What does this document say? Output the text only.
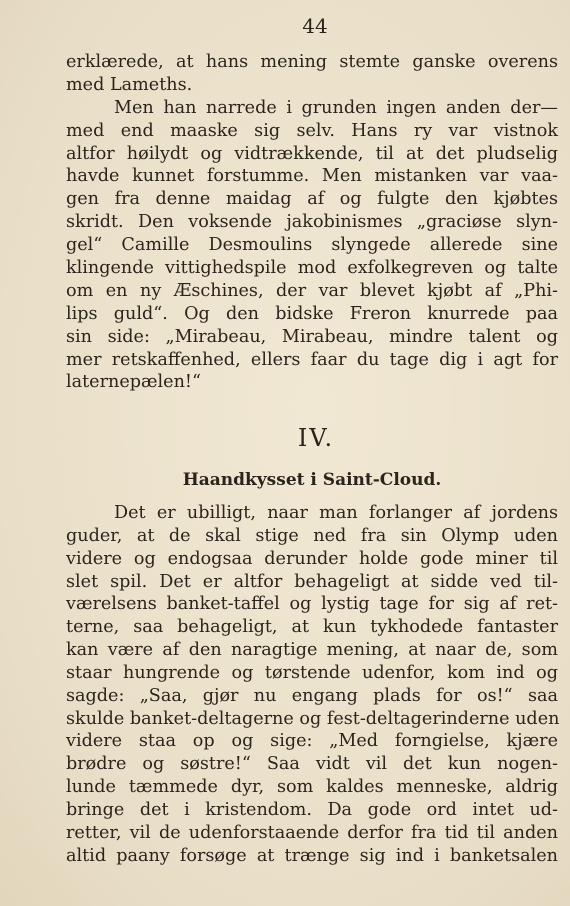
44
erklærede, at hans mening stemte ganske overens
med Lameths.
Men han narrede i grunden ingen anden der—
med end maaske sig selv. Hans ry var vistnok
altfor høilydt og vidtrækkende, til at det pludselig
havde kunnet forstumme. Men mistanken var vaa-
gen fra denne maidag af og fulgte den kjøbtes
skridt. Den voksende jakobinismes „graciøse slyn-
gel“ Camille Desmoulins slyngede allerede sine
klingende vittighedspile mod exfolkegreven og talte
om en ny Æschines, der var blevet kjøbt af „Phi-
lips guld“. Og den bidske Freron knurrede paa
sin side: „Mirabeau, Mirabeau, mindre talent og
mer retskaffenhed, ellers faar du tage dig i agt for
laternepælen!“
IV.
Haandkysset i Saint-Cloud.
Det er ubilligt, naar man forlanger af jordens
guder, at de skal stige ned fra sin Olymp uden
videre og endogsaa derunder holde gode miner til
slet spil. Det er altfor behageligt at sidde ved til-
værelsens banket-taffel og lystig tage for sig af ret-
terne, saa behageligt, at kun tykhodede fantaster
kan være af den naragtige mening, at naar de, som
staar hungrende og tørstende udenfor, kom ind og
sagde: „Saa, gjør nu engang plads for os!“ saa
skulde banket-deltagerne og fest-deltagerinderne uden
videre staa op og sige: „Med forngielse, kjære
brødre og søstre!“ Saa vidt vil det kun nogen-
lunde tæmmede dyr, som kaldes menneske, aldrig
bringe det i kristendom. Da gode ord intet ud-
retter, vil de udenforstaaende derfor fra tid til anden
altid paany forsøge at trænge sig ind i banketsalen
